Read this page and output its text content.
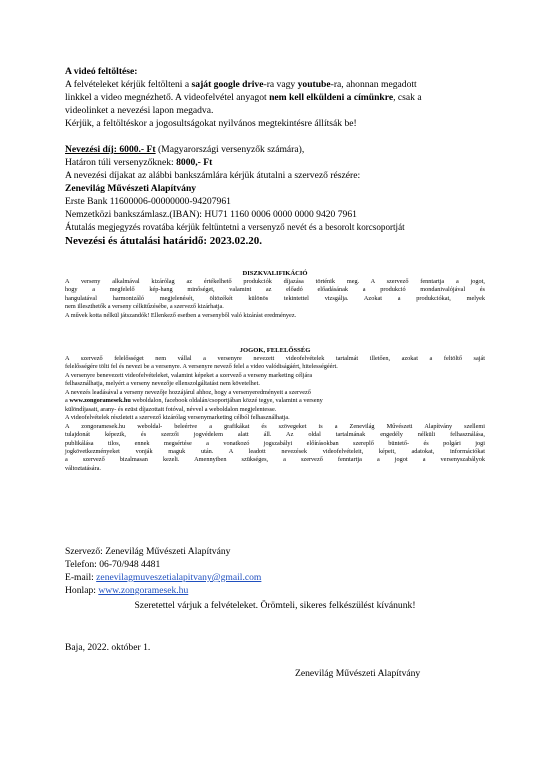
A videó feltöltése:

A felvételeket kérjük feltölteni a saját google drive-ra vagy youtube-ra, ahonnan megadott

linkkel a video megnézhető. A videofelvétel anyagot nem kell elküldeni a címünkre, csak a

videolinket a nevezési lapon megadva.

Kérjük, a feltöltéskor a jogosultságokat nyilvános megtekintésre állítsák be!

Nevezési díj: 6000.- Ft (Magyarországi versenyzők számára),

Határon túli versenyzőknek: 8000,- Ft

A nevezési díjakat az alábbi bankszámlára kérjük átutalni a szervező részére:

Zenevilág Művészeti Alapítvány

Erste Bank 11600006-00000000-94207961

Nemzetközi bankszámlasz.(IBAN): HU71 1160 0006 0000 0000 9420 7961

Átutalás megjegyzés rovatába kérjük feltüntetni a versenyző nevét és a besorolt korcsoportját

Nevezési és átutalási határidő: 2023.02.20.

DISZKVALIFIKÁCIÓ

A verseny alkalmával kizárólag az értékelhető produkciók díjazása történik meg. A szervező fenntartja a jogot,
hogy a megfelelő kép-hang minőséget, valamint az előadó előadásának a produkció mondanivalójával és
hangulatával harmonizáló megjelenését, öltözékét különös tekintettel vizsgálja. Azokat a produkciókat, melyek
nem illeszthetők a verseny célkitűzésébe, a szervező kizárhatja.
A művek kotta nélkül játszandók! Ellenkező esetben a versenyből való kizárást eredményez.

JOGOK, FELELŐSSÉG

A szervező felelősséget nem vállal a versenyre nevezett videofelvételek tartalmát illetően, azokat a feltöltő saját
felelősségére tölti fel és nevezi be a versenyre. A versenyre nevező felel a video valódiságáért, hitelességéért.
A versenyre benevezett videofelvételeket, valamint képeket a szervező a verseny marketing céljára
felhasználhatja, melyért a verseny nevezője ellenszolgáltatást nem követelhet.
A nevezés leadásával a verseny nevezője hozzájárul ahhoz, hogy a versenyeredményeit a szervező
a www.zongoramesek.hu weboldalon, facebook oldalán/csoportjában közzé tegye, valamint a verseny
különdíjasait, arany- és ezüst díjazottait fotóval, névvel a weboldalon megjelentesse.
A videofelvételek részleteit a szervező kizárólag versenymarketing célból felhasználhatja.
A zongoramesek.hu weboldal- beleértve a grafikákat és szövegeket is a Zenevilág Művészeti Alapítvány szellemi
tulajdonát képezik, és szerzői jogvédelem alatt áll. Az oldal tartalmának engedély nélküli felhasználása,
publikálása tilos, ennek megsértése a vonatkozó jogszabályi előírásokban szereplő büntető- és polgári jogi
jogkövetkezményeket vonják maguk után. A leadott nevezések videofelvételeit, képeit, adatokat, információkat
a szervező bizalmasan kezeli. Amennyiben szükséges, a szervező fenntartja a jogot a versenyszabályok
változtatására.

Szervező: Zenevilág Művészeti Alapítvány

Telefon: 06-70/948 4481

E-mail: zenevilagmuveszetialapitvany@gmail.com

Honlap: www.zongoramesek.hu

Szeretettel várjuk a felvételeket. Örömteli, sikeres felkészülést kívánunk!

Baja, 2022. október 1.

Zenevilág Művészeti Alapítvány
